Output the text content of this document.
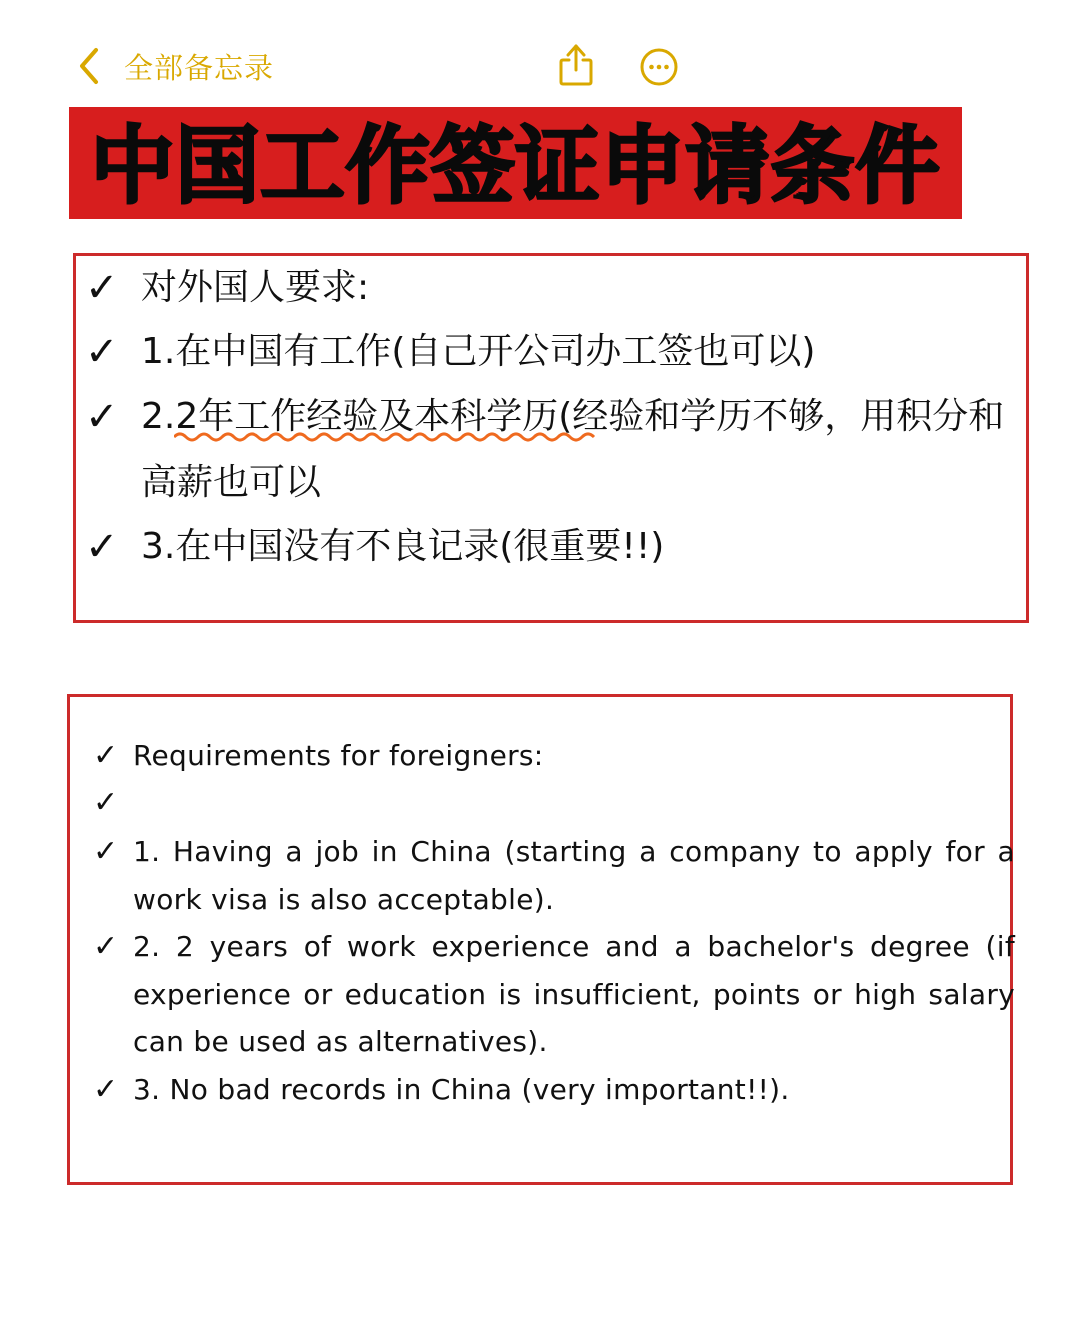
全部备忘录
中国工作签证申请条件
✓ 对外国人要求:
✓ 1.在中国有工作(自己开公司办工签也可以)
✓ 2.2年工作经验及本科学历(经验和学历不够，用积分和高薪也可以
✓ 3.在中国没有不良记录(很重要!!)
✓ Requirements for foreigners:
✓
✓ 1. Having a job in China (starting a company to apply for a work visa is also acceptable).
✓ 2. 2 years of work experience and a bachelor's degree (if experience or education is insufficient, points or high salary can be used as alternatives).
✓ 3. No bad records in China (very important!!).
